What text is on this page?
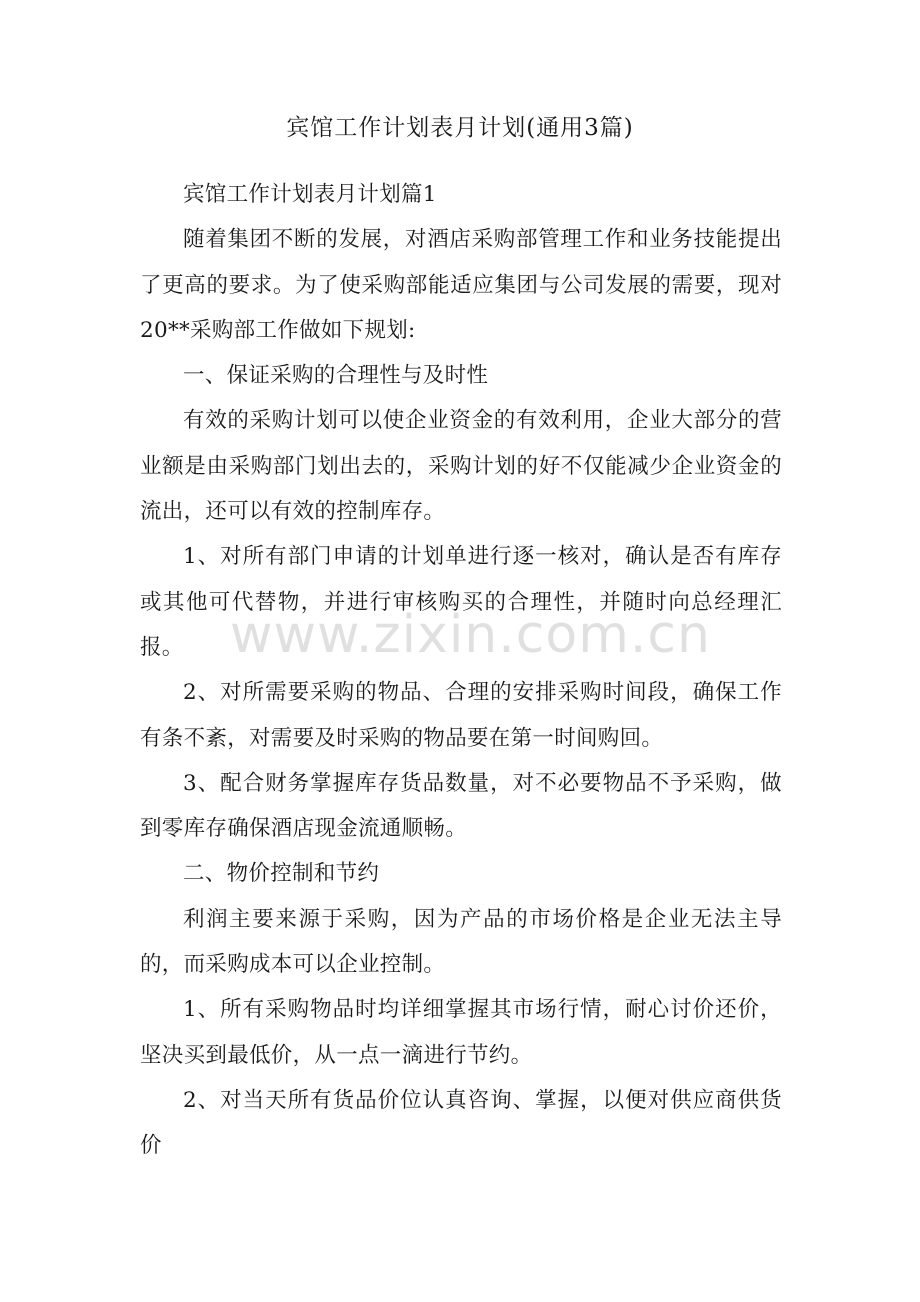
宾馆工作计划表月计划(通用3篇)

宾馆工作计划表月计划篇1

随着集团不断的发展，对酒店采购部管理工作和业务技能提出了更高的要求。为了使采购部能适应集团与公司发展的需要，现对20**采购部工作做如下规划:

一、保证采购的合理性与及时性

有效的采购计划可以使企业资金的有效利用，企业大部分的营业额是由采购部门划出去的，采购计划的好不仅能减少企业资金的流出，还可以有效的控制库存。

1、对所有部门申请的计划单进行逐一核对，确认是否有库存或其他可代替物，并进行审核购买的合理性，并随时向总经理汇报。

2、对所需要采购的物品、合理的安排采购时间段，确保工作有条不紊，对需要及时采购的物品要在第一时间购回。

3、配合财务掌握库存货品数量，对不必要物品不予采购，做到零库存确保酒店现金流通顺畅。

二、物价控制和节约

利润主要来源于采购，因为产品的市场价格是企业无法主导的，而采购成本可以企业控制。

1、所有采购物品时均详细掌握其市场行情，耐心讨价还价，坚决买到最低价，从一点一滴进行节约。

2、对当天所有货品价位认真咨询、掌握，以便对供应商供货价

www.zixin.com.cn
